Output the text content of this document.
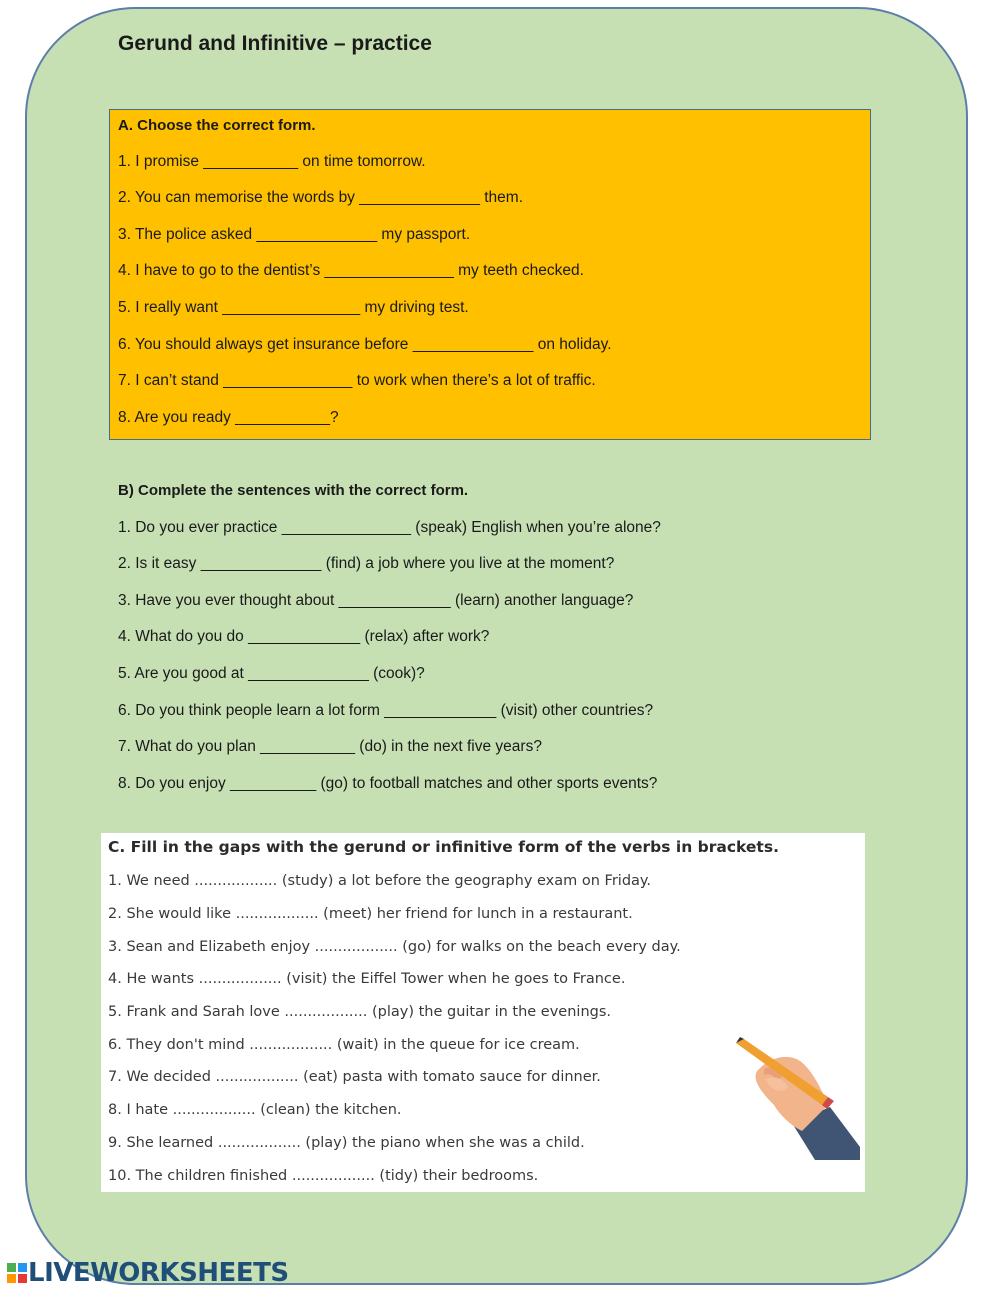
Gerund and Infinitive – practice
A. Choose the correct form.
1. I promise ___________ on time tomorrow.
2. You can memorise the words by ______________ them.
3. The police asked ______________ my passport.
4. I have to go to the dentist’s _______________ my teeth checked.
5. I really want ________________ my driving test.
6. You should always get insurance before ______________ on holiday.
7. I can’t stand _______________ to work when there’s a lot of traffic.
8. Are you ready ___________?
B) Complete the sentences with the correct form.
1. Do you ever practice _______________ (speak) English when you’re alone?
2. Is it easy ______________ (find) a job where you live at the moment?
3. Have you ever thought about _____________ (learn) another language?
4. What do you do _____________ (relax) after work?
5. Are you good at ______________ (cook)?
6. Do you think people learn a lot form _____________ (visit) other countries?
7. What do you plan ___________ (do) in the next five years?
8. Do you enjoy __________ (go) to football matches and other sports events?
C. Fill in the gaps with the gerund or infinitive form of the verbs in brackets.
1. We need .................. (study) a lot before the geography exam on Friday.
2. She would like .................. (meet) her friend for lunch in a restaurant.
3. Sean and Elizabeth enjoy .................. (go) for walks on the beach every day.
4. He wants .................. (visit) the Eiffel Tower when he goes to France.
5. Frank and Sarah love .................. (play) the guitar in the evenings.
6. They don't mind .................. (wait) in the queue for ice cream.
7. We decided .................. (eat) pasta with tomato sauce for dinner.
8. I hate .................. (clean) the kitchen.
9. She learned .................. (play) the piano when she was a child.
10. The children finished .................. (tidy) their bedrooms.
LIVEWORKSHEETS
